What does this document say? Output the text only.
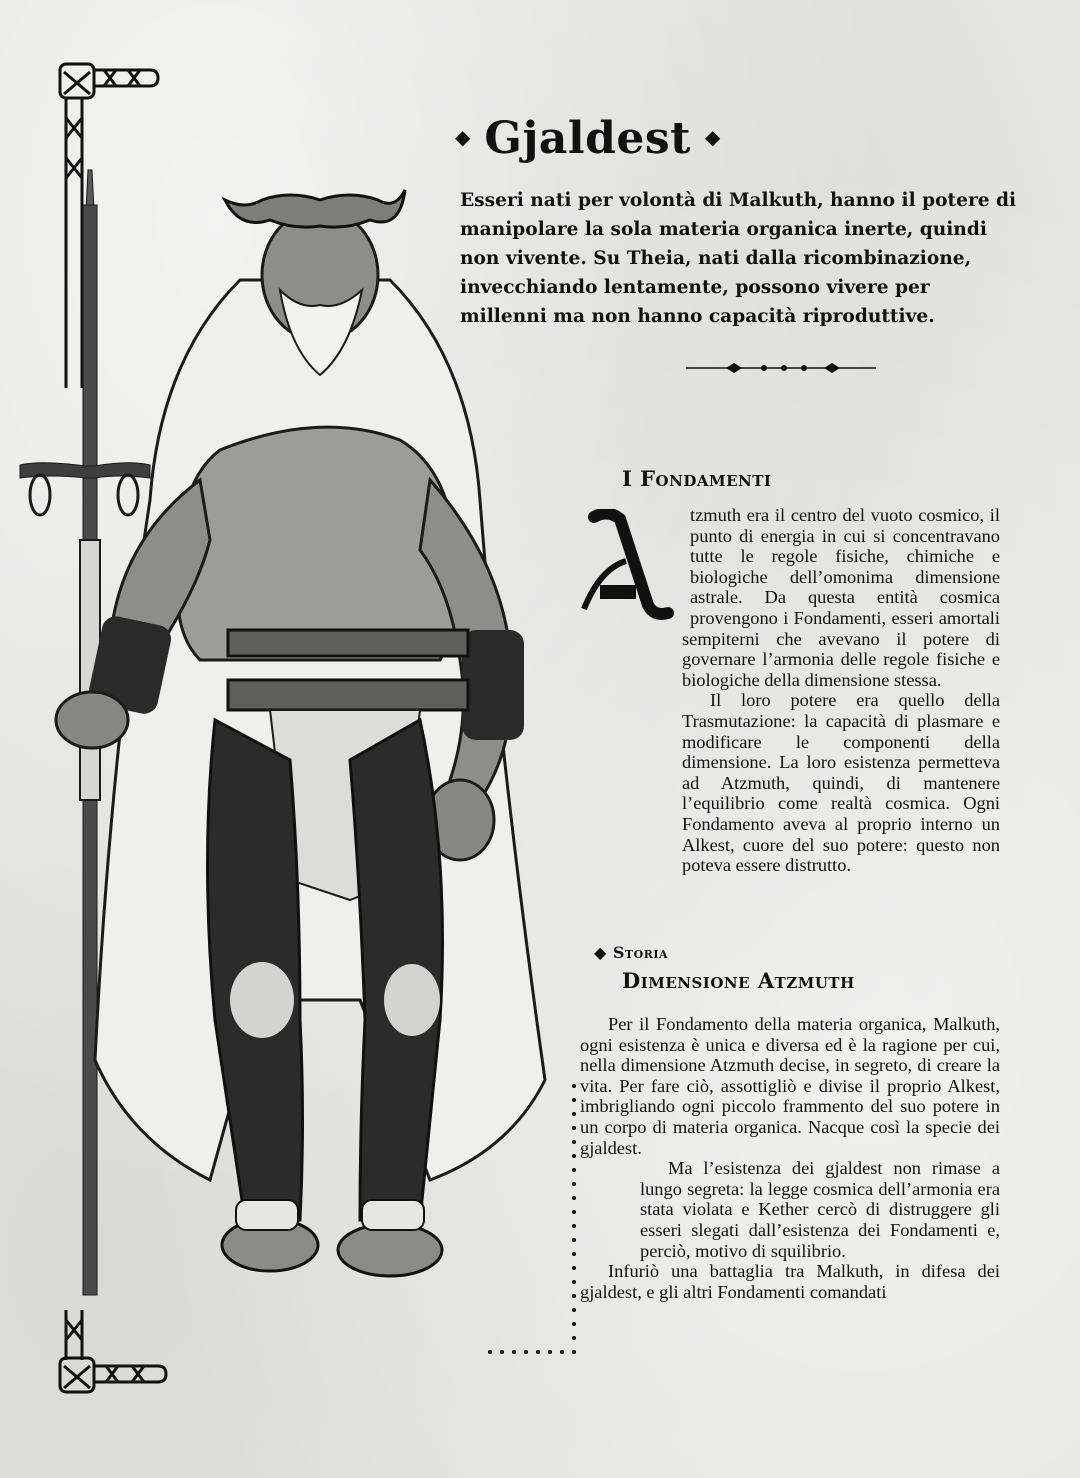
◆ Gjaldest ◆
Esseri nati per volontà di Malkuth, hanno il potere di manipolare la sola materia organica inerte, quindi non vivente. Su Theia, nati dalla ricombinazione, invecchiando lentamente, possono vivere per millenni ma non hanno capacità riproduttive.
I Fondamenti

tzmuth era il centro del vuoto cosmico, il punto di energia in cui si concentravano tutte le regole fisiche, chimiche e biologiche dell’omonima dimensione astrale. Da questa entità cosmica provengono i Fondamenti, esseri amortali sempiterni che avevano il potere di governare l’armonia delle regole fisiche e biologiche della dimensione stessa.

Il loro potere era quello della Trasmutazione: la capacità di plasmare e modificare le componenti della dimensione. La loro esistenza permetteva ad Atzmuth, quindi, di mantenere l’equilibrio come realtà cosmica. Ogni Fondamento aveva al proprio interno un Alkest, cuore del suo potere: questo non poteva essere distrutto.

◆ Storia
Dimensione Atzmuth

Per il Fondamento della materia organica, Malkuth, ogni esistenza è unica e diversa ed è la ragione per cui, nella dimensione Atzmuth decise, in segreto, di creare la vita. Per fare ciò, assottigliò e divise il proprio Alkest, imbrigliando ogni piccolo frammento del suo potere in un corpo di materia organica. Nacque così la specie dei gjaldest.

Ma l’esistenza dei gjaldest non rimase a lungo segreta: la legge cosmica dell’armonia era stata violata e Kether cercò di distruggere gli esseri slegati dall’esistenza dei Fondamenti e, perciò, motivo di squilibrio.

Infuriò una battaglia tra Malkuth, in difesa dei gjaldest, e gli altri Fondamenti comandati
